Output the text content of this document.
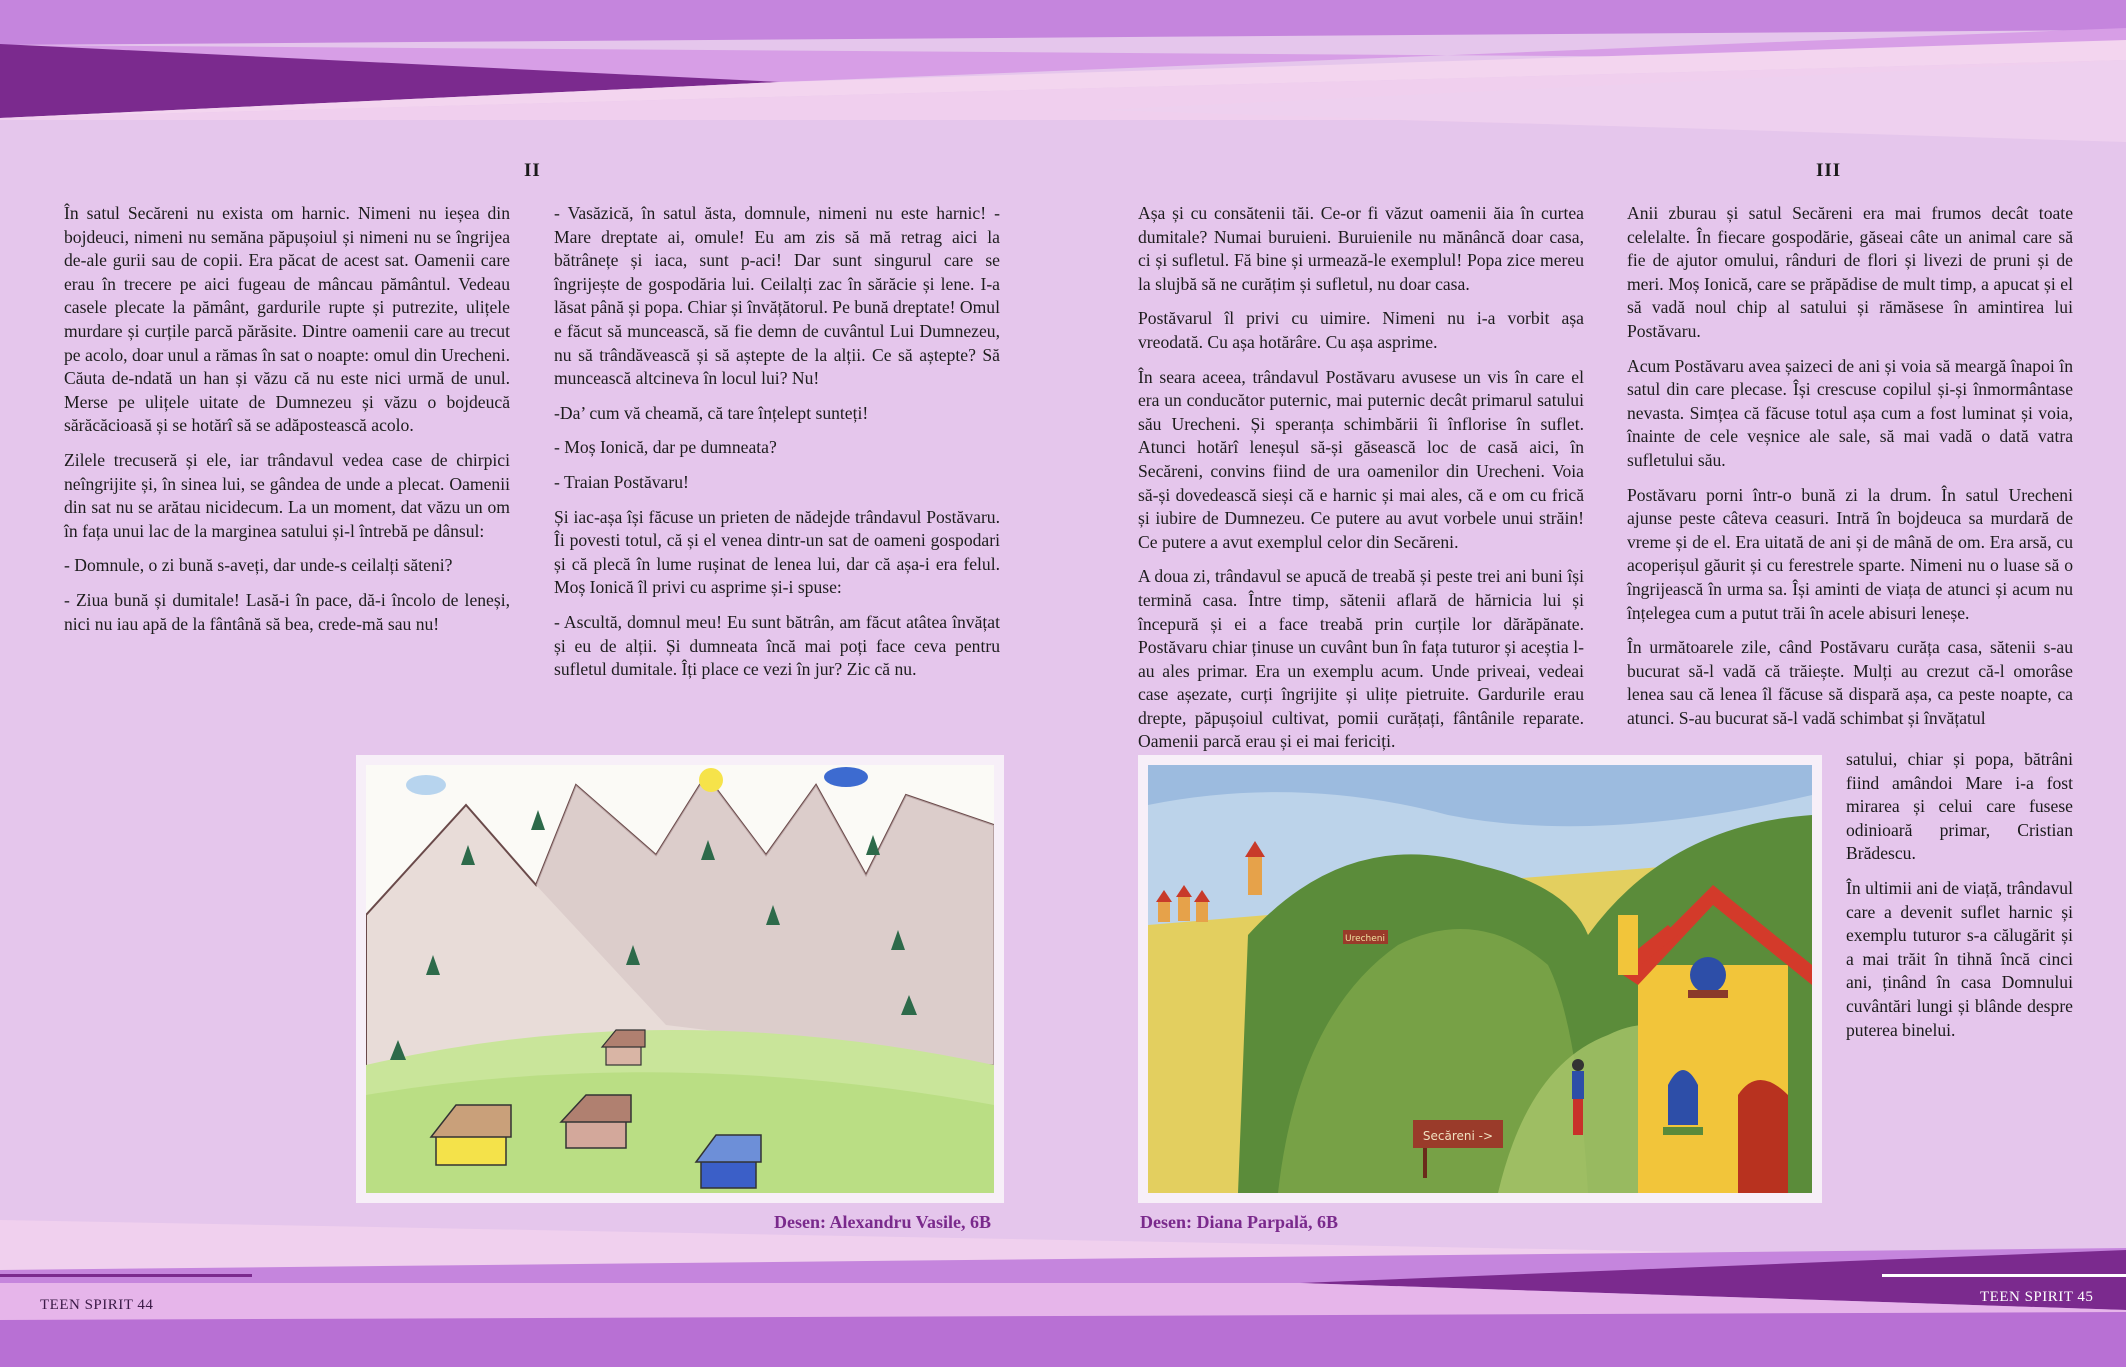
II

În satul Secăreni nu exista om harnic. Nimeni nu ieșea din bojdeuci, nimeni nu semăna păpușoiul și nimeni nu se îngrijea de-ale gurii sau de copii. Era păcat de acest sat. Oamenii care erau în trecere pe aici fugeau de mâncau pământul. Vedeau casele plecate la pământ, gardurile rupte și putrezite, ulițele murdare și curțile parcă părăsite. Dintre oamenii care au trecut pe acolo, doar unul a rămas în sat o noapte: omul din Urecheni. Căuta de-ndată un han și văzu că nu este nici urmă de unul. Merse pe ulițele uitate de Dumnezeu și văzu o bojdeucă sărăcăcioasă și se hotărî să se adăpostească acolo.

Zilele trecuseră și ele, iar trândavul vedea case de chirpici neîngrijite și, în sinea lui, se gândea de unde a plecat. Oamenii din sat nu se arătau nicidecum. La un moment, dat văzu un om în fața unui lac de la marginea satului și-l întrebă pe dânsul:

- Domnule, o zi bună s-aveți, dar unde-s ceilalți săteni?

- Ziua bună și dumitale! Lasă-i în pace, dă-i încolo de leneși, nici nu iau apă de la fântână să bea, crede-mă sau nu!

- Vasăzică, în satul ăsta, domnule, nimeni nu este harnic! - Mare dreptate ai, omule! Eu am zis să mă retrag aici la bătrânețe și iaca, sunt p-aci! Dar sunt singurul care se îngrijește de gospodăria lui. Ceilalți zac în sărăcie și lene. I-a lăsat până și popa. Chiar și învățătorul. Pe bună dreptate! Omul e făcut să muncească, să fie demn de cuvântul Lui Dumnezeu, nu să trândăvească și să aștepte de la alții. Ce să aștepte? Să muncească altcineva în locul lui? Nu!

-Da’ cum vă cheamă, că tare înțelept sunteți!

- Moș Ionică, dar pe dumneata?

- Traian Postăvaru!

Și iac-așa își făcuse un prieten de nădejde trândavul Postăvaru. Îi povesti totul, că și el venea dintr-un sat de oameni gospodari și că plecă în lume rușinat de lenea lui, dar că așa-i era felul. Moș Ionică îl privi cu asprime și-i spuse:

- Ascultă, domnul meu! Eu sunt bătrân, am făcut atâtea învățat și eu de alții. Și dumneata încă mai poți face ceva pentru sufletul dumitale. Îți place ce vezi în jur? Zic că nu.

Desen: Alexandru Vasile, 6B
TEEN SPIRIT 44
III

Așa și cu consătenii tăi. Ce-or fi văzut oamenii ăia în curtea dumitale? Numai buruieni. Buruienile nu mănâncă doar casa, ci și sufletul. Fă bine și urmează-le exemplul! Popa zice mereu la slujbă să ne curățim și sufletul, nu doar casa.

Postăvarul îl privi cu uimire. Nimeni nu i-a vorbit așa vreodată. Cu așa hotărâre. Cu așa asprime.

În seara aceea, trândavul Postăvaru avusese un vis în care el era un conducător puternic, mai puternic decât primarul satului său Urecheni. Și speranța schimbării îi înflorise în suflet. Atunci hotărî leneșul să-și găsească loc de casă aici, în Secăreni, convins fiind de ura oamenilor din Urecheni. Voia să-și dovedească sieși că e harnic și mai ales, că e om cu frică și iubire de Dumnezeu. Ce putere au avut vorbele unui străin! Ce putere a avut exemplul celor din Secăreni.

A doua zi, trândavul se apucă de treabă și peste trei ani buni își termină casa. Între timp, sătenii aflară de hărnicia lui și începură și ei a face treabă prin curțile lor dărăpănate. Postăvaru chiar ținuse un cuvânt bun în fața tuturor și aceștia l-au ales primar. Era un exemplu acum. Unde priveai, vedeai case așezate, curți îngrijite și ulițe pietruite. Gardurile erau drepte, păpușoiul cultivat, pomii curățați, fântânile reparate. Oamenii parcă erau și ei mai fericiți.

Anii zburau și satul Secăreni era mai frumos decât toate celelalte. În fiecare gospodărie, găseai câte un animal care să fie de ajutor omului, rânduri de flori și livezi de pruni și de meri. Moș Ionică, care se prăpădise de mult timp, a apucat și el să vadă noul chip al satului și rămăsese în amintirea lui Postăvaru.

Acum Postăvaru avea șaizeci de ani și voia să meargă înapoi în satul din care plecase. Își crescuse copilul și-și înmormântase nevasta. Simțea că făcuse totul așa cum a fost luminat și voia, înainte de cele veșnice ale sale, să mai vadă o dată vatra sufletului său.

Postăvaru porni într-o bună zi la drum. În satul Urecheni ajunse peste câteva ceasuri. Intră în bojdeuca sa murdară de vreme și de el. Era uitată de ani și de mână de om. Era arsă, cu acoperișul găurit și cu ferestrele sparte. Nimeni nu o luase să o îngrijească în urma sa. Își aminti de viața de atunci și acum nu înțelegea cum a putut trăi în acele abisuri leneșe.

În următoarele zile, când Postăvaru curăța casa, sătenii s-au bucurat să-l vadă că trăiește. Mulți au crezut că-l omorâse lenea sau că lenea îl făcuse să dispară așa, ca peste noapte, ca atunci. S-au bucurat să-l vadă schimbat și învățatul

satului, chiar și popa, bătrâni fiind amândoi Mare i-a fost mirarea și celui care fusese odinioară primar, Cristian Brădescu.

În ultimii ani de viață, trândavul care a devenit suflet harnic și exemplu tuturor s-a călugărit și a mai trăit în tihnă încă cinci ani, ținând în casa Domnului cuvântări lungi și blânde despre puterea binelui.

Urecheni
Secăreni ->
Desen: Diana Parpală, 6B
TEEN SPIRIT 45
